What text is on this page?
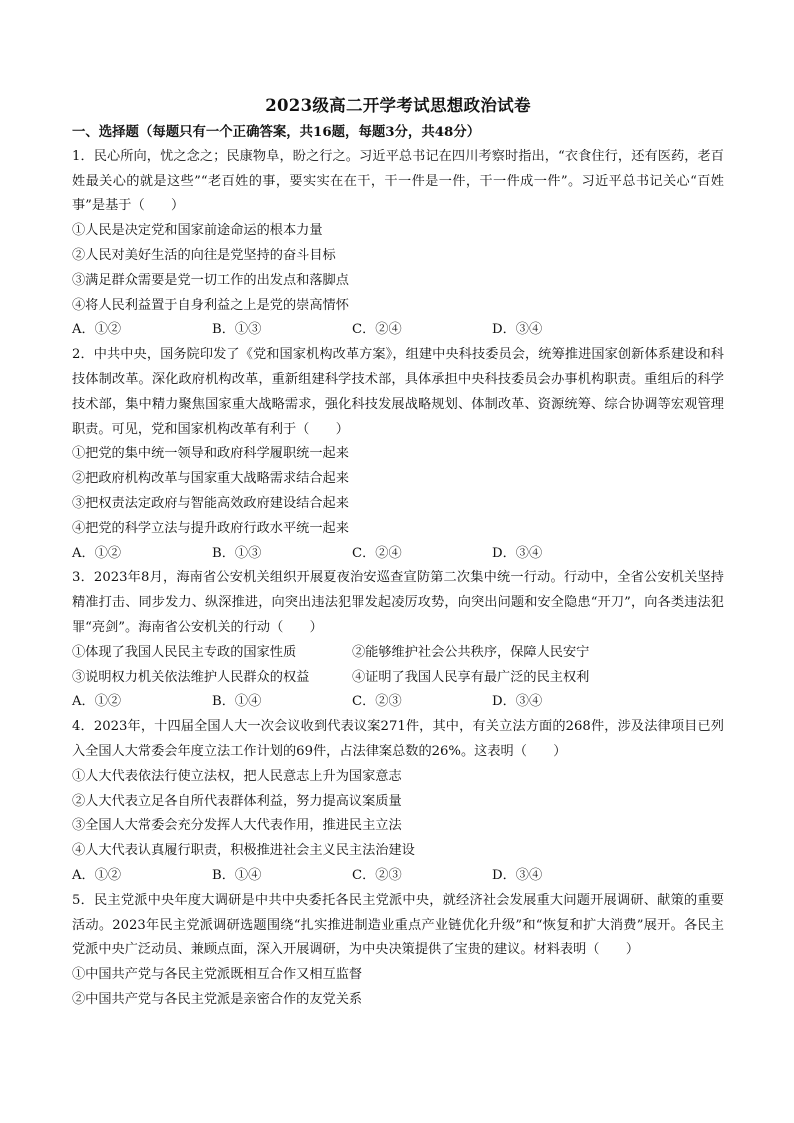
2023级高二开学考试思想政治试卷
一、选择题（每题只有一个正确答案，共16题，每题3分，共48分）
1．民心所向，忧之念之；民康物阜，盼之行之。习近平总书记在四川考察时指出，“衣食住行，还有医药，老百姓最关心的就是这些”“老百姓的事，要实实在在干，干一件是一件，干一件成一件”。习近平总书记关心“百姓事”是基于（　　）
①人民是决定党和国家前途命运的根本力量
②人民对美好生活的向往是党坚持的奋斗目标
③满足群众需要是党一切工作的出发点和落脚点
④将人民利益置于自身利益之上是党的崇高情怀
A．①②	B．①③	C．②④	D．③④
2．中共中央，国务院印发了《党和国家机构改革方案》，组建中央科技委员会，统筹推进国家创新体系建设和科技体制改革。深化政府机构改革，重新组建科学技术部，具体承担中央科技委员会办事机构职责。重组后的科学技术部，集中精力聚焦国家重大战略需求，强化科技发展战略规划、体制改革、资源统筹、综合协调等宏观管理职责。可见，党和国家机构改革有利于（　　）
①把党的集中统一领导和政府科学履职统一起来
②把政府机构改革与国家重大战略需求结合起来
③把权责法定政府与智能高效政府建设结合起来
④把党的科学立法与提升政府行政水平统一起来
A．①②	B．①③	C．②④	D．③④
3．2023年8月，海南省公安机关组织开展夏夜治安巡查宣防第二次集中统一行动。行动中，全省公安机关坚持精准打击、同步发力、纵深推进，向突出违法犯罪发起凌厉攻势，向突出问题和安全隐患“开刀”，向各类违法犯罪“亮剑”。海南省公安机关的行动（　　）
①体现了我国人民民主专政的国家性质	②能够维护社会公共秩序，保障人民安宁
③说明权力机关依法维护人民群众的权益	④证明了我国人民享有最广泛的民主权利
A．①②	B．①④	C．②③	D．③④
4．2023年，十四届全国人大一次会议收到代表议案271件，其中，有关立法方面的268件，涉及法律项目已列入全国人大常委会年度立法工作计划的69件，占法律案总数的26%。这表明（　　）
①人大代表依法行使立法权，把人民意志上升为国家意志
②人大代表立足各自所代表群体利益，努力提高议案质量
③全国人大常委会充分发挥人大代表作用，推进民主立法
④人大代表认真履行职责，积极推进社会主义民主法治建设
A．①②	B．①④	C．②③	D．③④
5．民主党派中央年度大调研是中共中央委托各民主党派中央，就经济社会发展重大问题开展调研、献策的重要活动。2023年民主党派调研选题围绕“扎实推进制造业重点产业链优化升级”和“恢复和扩大消费”展开。各民主党派中央广泛动员、兼顾点面，深入开展调研，为中央决策提供了宝贵的建议。材料表明（　　）
①中国共产党与各民主党派既相互合作又相互监督
②中国共产党与各民主党派是亲密合作的友党关系
